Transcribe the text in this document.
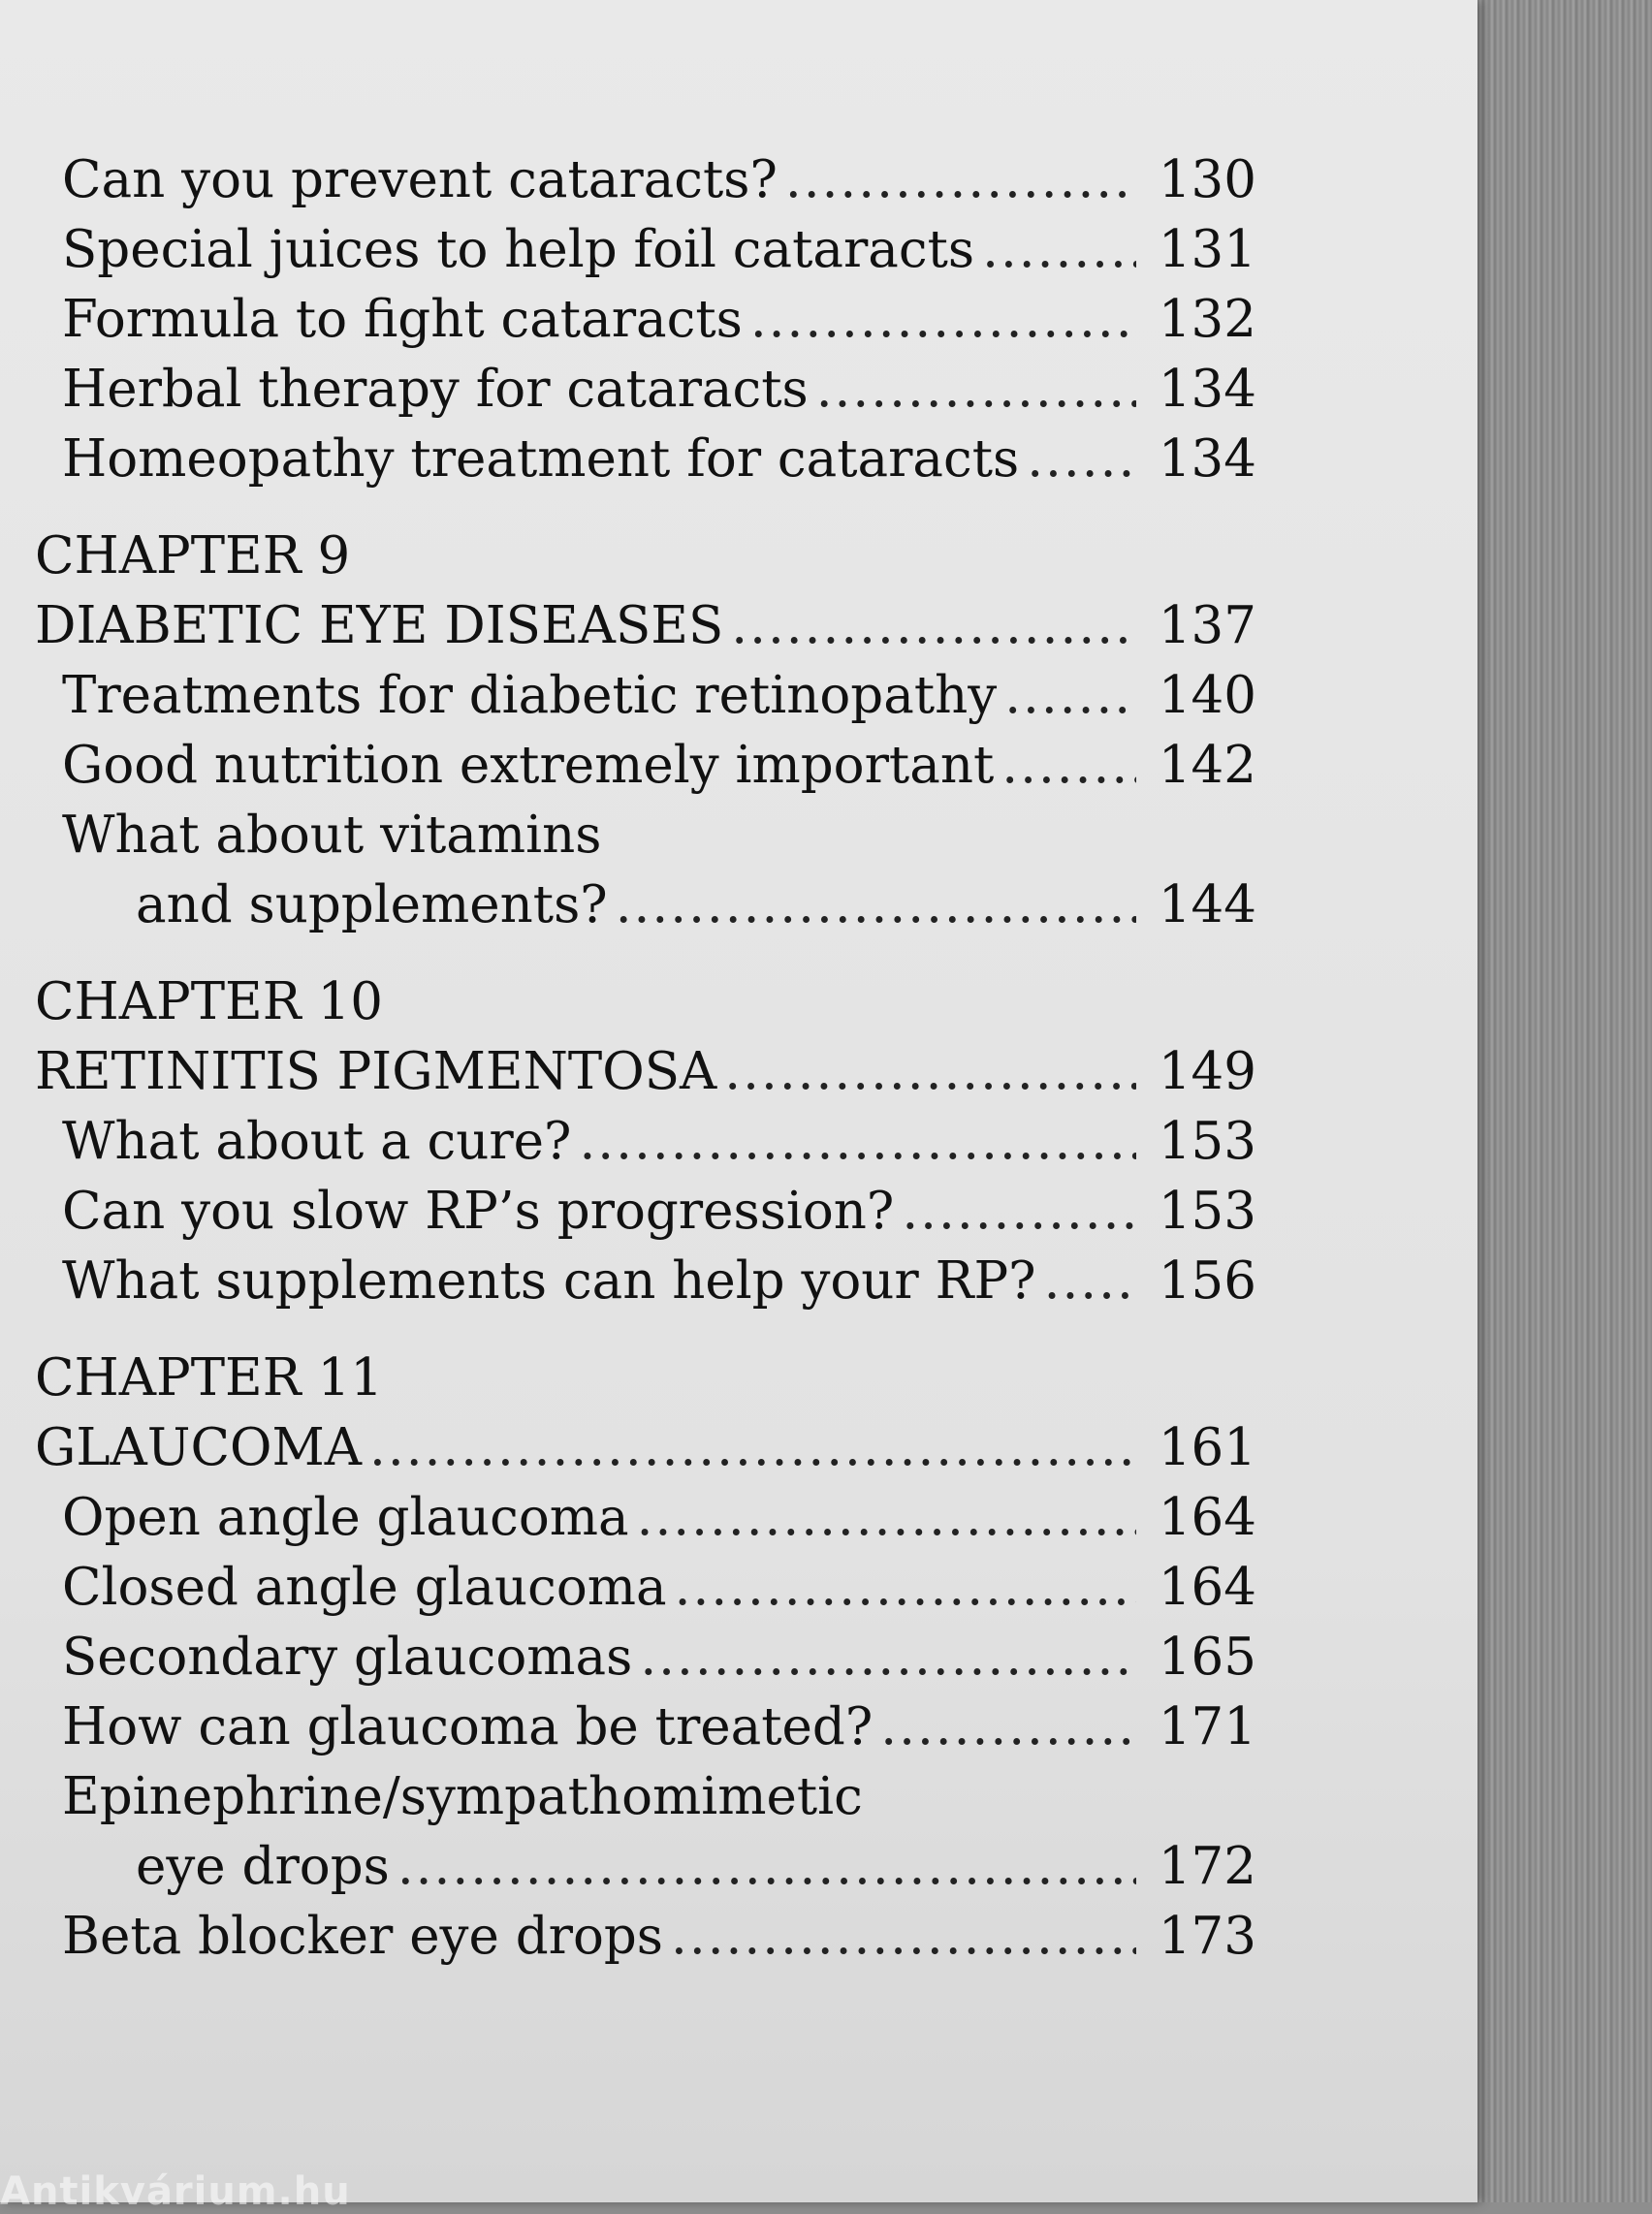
Can you prevent cataracts? .....	130
Special juices to help foil cataracts .....	131
Formula to fight cataracts .....	132
Herbal therapy for cataracts .....	134
Homeopathy treatment for cataracts .....	134
CHAPTER 9
DIABETIC EYE DISEASES .....	137
Treatments for diabetic retinopathy .....	140
Good nutrition extremely important .....	142
What about vitamins
and supplements? .....	144
CHAPTER 10
RETINITIS PIGMENTOSA .....	149
What about a cure? .....	153
Can you slow RP’s progression? .....	153
What supplements can help your RP? ..... 156
CHAPTER 11
GLAUCOMA .....	161
Open angle glaucoma .....	164
Closed angle glaucoma .....	164
Secondary glaucomas .....	165
How can glaucoma be treated? .....	171
Epinephrine/sympathomimetic
eye drops .....	172
Beta blocker eye drops .....	173
Antikvárium.hu
